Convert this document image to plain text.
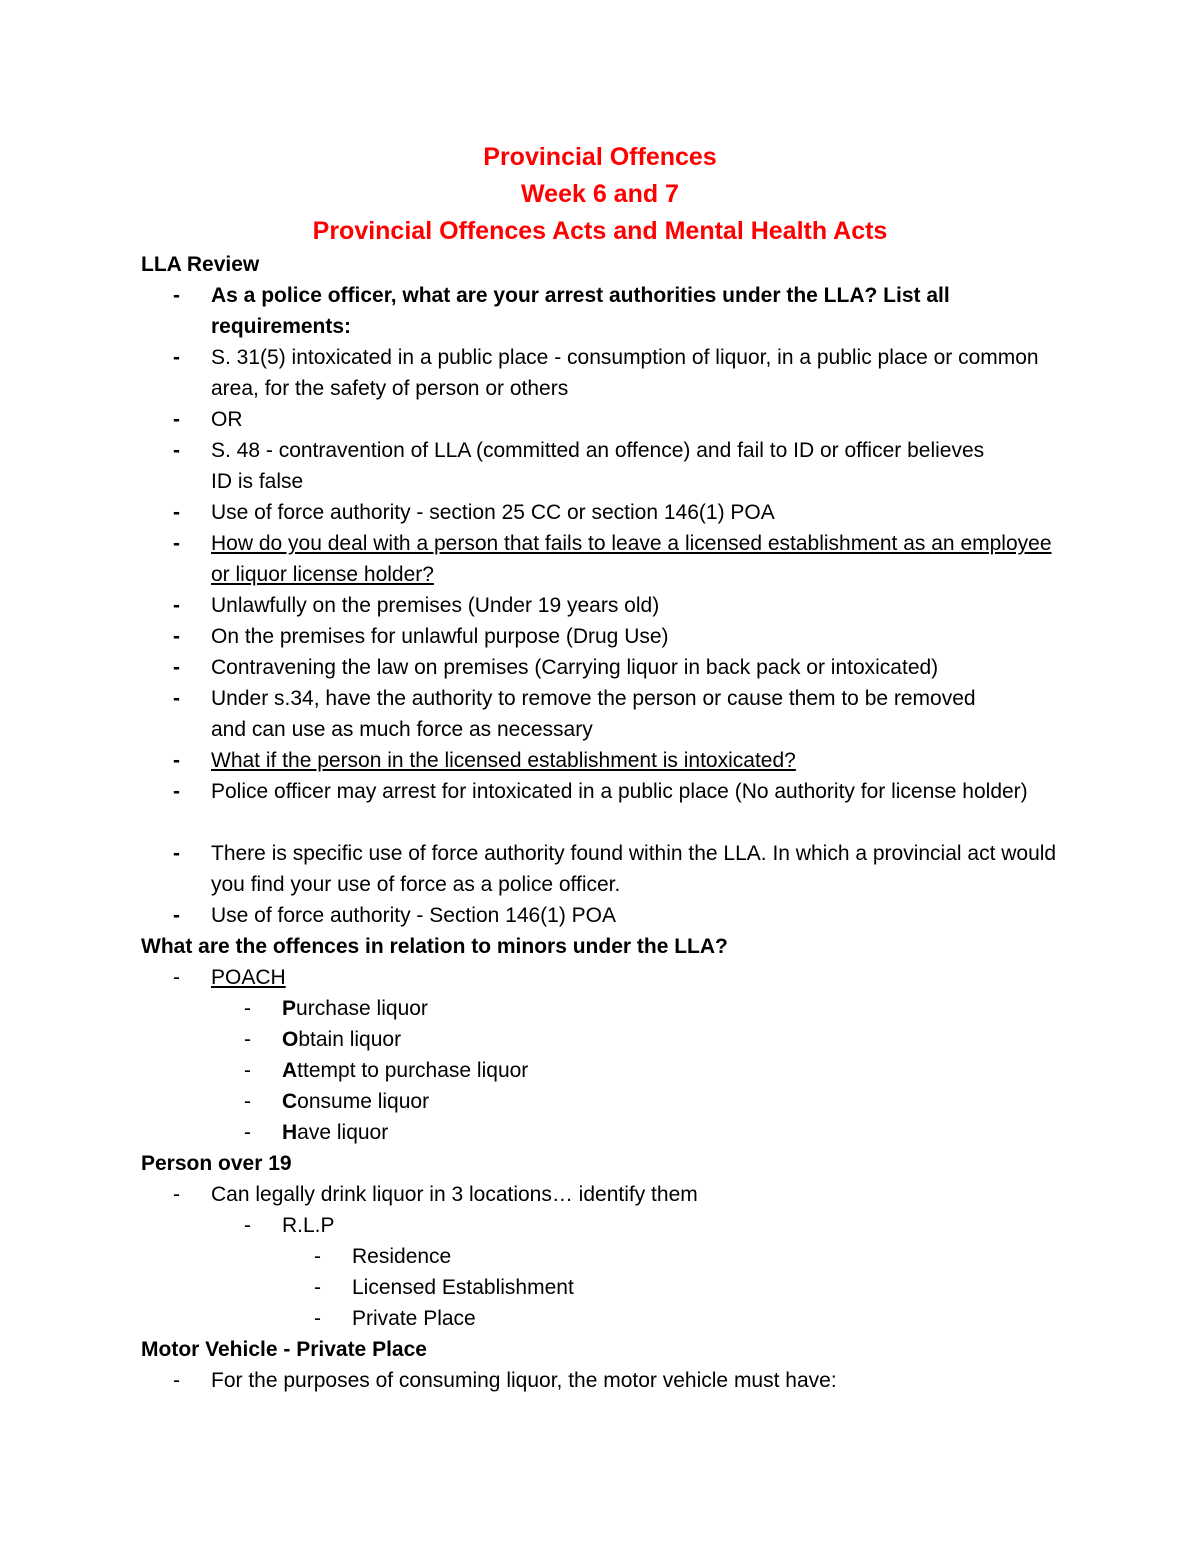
Provincial Offences
Week 6 and 7
Provincial Offences Acts and Mental Health Acts
LLA Review
-	As a police officer, what are your arrest authorities under the LLA? List all requirements:
-	S. 31(5) intoxicated in a public place - consumption of liquor, in a public place or common area, for the safety of person or others
-	OR
-	S. 48 - contravention of LLA (committed an offence) and fail to ID or officer believes ID is false
-	Use of force authority - section 25 CC or section 146(1) POA
-	How do you deal with a person that fails to leave a licensed establishment as an employee or liquor license holder?
-	Unlawfully on the premises (Under 19 years old)
-	On the premises for unlawful purpose (Drug Use)
-	Contravening the law on premises (Carrying liquor in back pack or intoxicated)
-	Under s.34, have the authority to remove the person or cause them to be removed and can use as much force as necessary
-	What if the person in the licensed establishment is intoxicated?
-	Police officer may arrest for intoxicated in a public place (No authority for license holder)
-	There is specific use of force authority found within the LLA. In which a provincial act would you find your use of force as a police officer.
-	Use of force authority - Section 146(1) POA
What are the offences in relation to minors under the LLA?
-	POACH
-	Purchase liquor
-	Obtain liquor
-	Attempt to purchase liquor
-	Consume liquor
-	Have liquor
Person over 19
-	Can legally drink liquor in 3 locations… identify them
-	R.L.P
-	Residence
-	Licensed Establishment
-	Private Place
Motor Vehicle - Private Place
-	For the purposes of consuming liquor, the motor vehicle must have:
